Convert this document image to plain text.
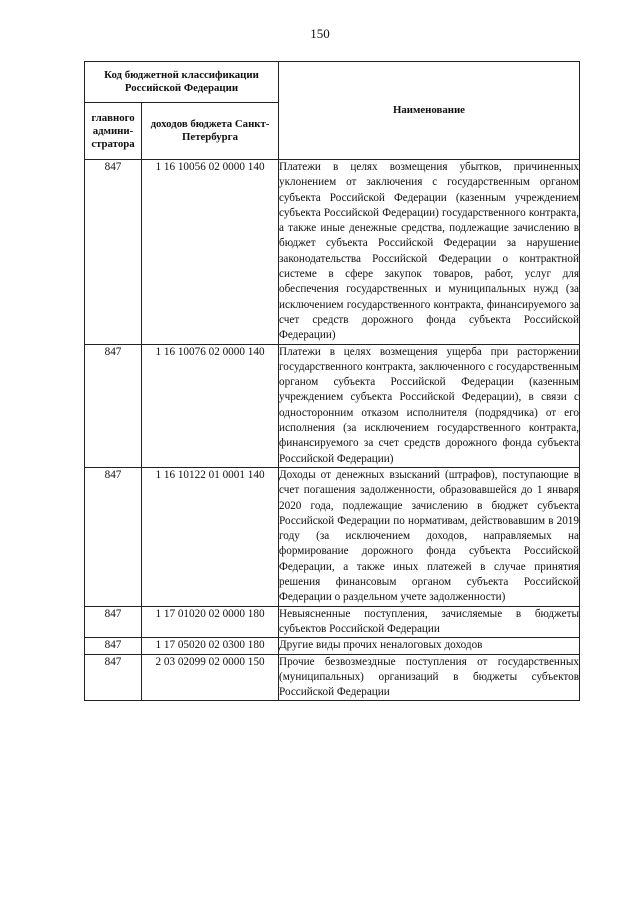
150
Код бюджетной классификации Российской Федерации		Наименование
главного админи-стратора	доходов бюджета Санкт-Петербурга	
847	1 16 10056 02 0000 140	Платежи в целях возмещения убытков, причиненных уклонением от заключения с государственным органом субъекта Российской Федерации (казенным учреждением субъекта Российской Федерации) государственного контракта, а также иные денежные средства, подлежащие зачислению в бюджет субъекта Российской Федерации за нарушение законодательства Российской Федерации о контрактной системе в сфере закупок товаров, работ, услуг для обеспечения государственных и муниципальных нужд (за исключением государственного контракта, финансируемого за счет средств дорожного фонда субъекта Российской Федерации)
847	1 16 10076 02 0000 140	Платежи в целях возмещения ущерба при расторжении государственного контракта, заключенного с государственным органом субъекта Российской Федерации (казенным учреждением субъекта Российской Федерации), в связи с односторонним отказом исполнителя (подрядчика) от его исполнения (за исключением государственного контракта, финансируемого за счет средств дорожного фонда субъекта Российской Федерации)
847	1 16 10122 01 0001 140	Доходы от денежных взысканий (штрафов), поступающие в счет погашения задолженности, образовавшейся до 1 января 2020 года, подлежащие зачислению в бюджет субъекта Российской Федерации по нормативам, действовавшим в 2019 году (за исключением доходов, направляемых на формирование дорожного фонда субъекта Российской Федерации, а также иных платежей в случае принятия решения финансовым органом субъекта Российской Федерации о раздельном учете задолженности)
847	1 17 01020 02 0000 180	Невыясненные поступления, зачисляемые в бюджеты субъектов Российской Федерации
847	1 17 05020 02 0300 180	Другие виды прочих неналоговых доходов
847	2 03 02099 02 0000 150	Прочие безвозмездные поступления от государственных (муниципальных) организаций в бюджеты субъектов Российской Федерации
